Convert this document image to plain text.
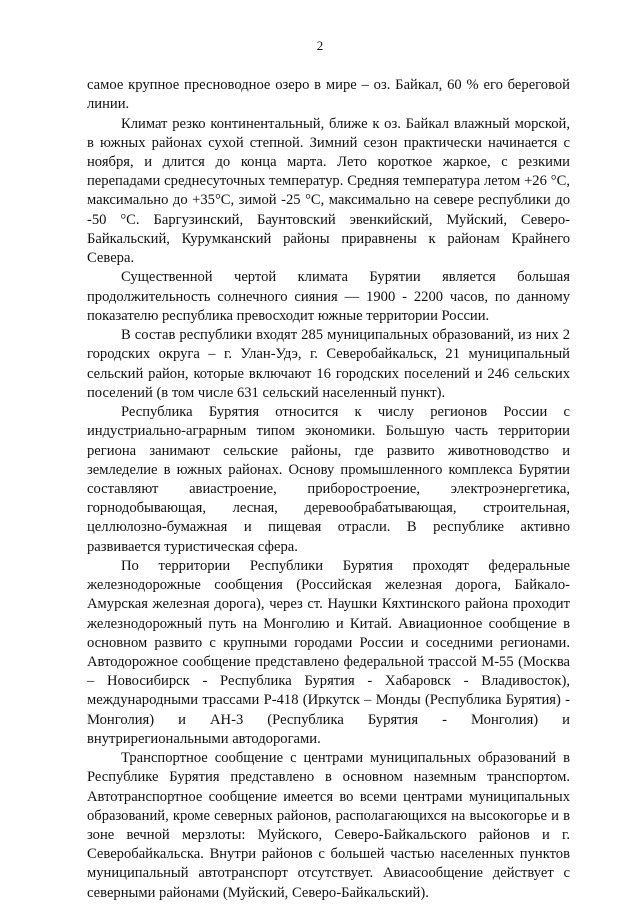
2

самое крупное пресноводное озеро в мире – оз. Байкал, 60 % его береговой линии.

Климат резко континентальный, ближе к оз. Байкал влажный морской, в южных районах сухой степной. Зимний сезон практически начинается с ноября, и длится до конца марта. Лето короткое жаркое, с резкими перепадами среднесуточных температур. Средняя температура летом +26 °С, максимально до +35°С, зимой -25 °С, максимально на севере республики до -50 °С. Баргузинский, Баунтовский эвенкийский, Муйский, Северо-Байкальский, Курумканский районы приравнены к районам Крайнего Севера.

Существенной чертой климата Бурятии является большая продолжительность солнечного сияния — 1900 - 2200 часов, по данному показателю республика превосходит южные территории России.

В состав республики входят 285 муниципальных образований, из них 2 городских округа – г. Улан-Удэ, г. Северобайкальск, 21 муниципальный сельский район, которые включают 16 городских поселений и 246 сельских поселений (в том числе 631 сельский населенный пункт).

Республика Бурятия относится к числу регионов России с индустриально-аграрным типом экономики. Большую часть территории региона занимают сельские районы, где развито животноводство и земледелие в южных районах. Основу промышленного комплекса Бурятии составляют авиастроение, приборостроение, электроэнергетика, горнодобывающая, лесная, деревообрабатывающая, строительная, целлюлозно-бумажная и пищевая отрасли. В республике активно развивается туристическая сфера.

По территории Республики Бурятия проходят федеральные железнодорожные сообщения (Российская железная дорога, Байкало-Амурская железная дорога), через ст. Наушки Кяхтинского района проходит железнодорожный путь на Монголию и Китай. Авиационное сообщение в основном развито с крупными городами России и соседними регионами. Автодорожное сообщение представлено федеральной трассой М-55 (Москва – Новосибирск - Республика Бурятия - Хабаровск - Владивосток), международными трассами Р-418 (Иркутск – Монды (Республика Бурятия) - Монголия) и АН-3 (Республика Бурятия - Монголия) и внутрирегиональными автодорогами.

Транспортное сообщение с центрами муниципальных образований в Республике Бурятия представлено в основном наземным транспортом. Автотранспортное сообщение имеется во всеми центрами муниципальных образований, кроме северных районов, располагающихся на высокогорье и в зоне вечной мерзлоты: Муйского, Северо-Байкальского районов и г. Северобайкальска. Внутри районов с большей частью населенных пунктов муниципальный автотранспорт отсутствует. Авиасообщение действует с северными районами (Муйский, Северо-Байкальский).
